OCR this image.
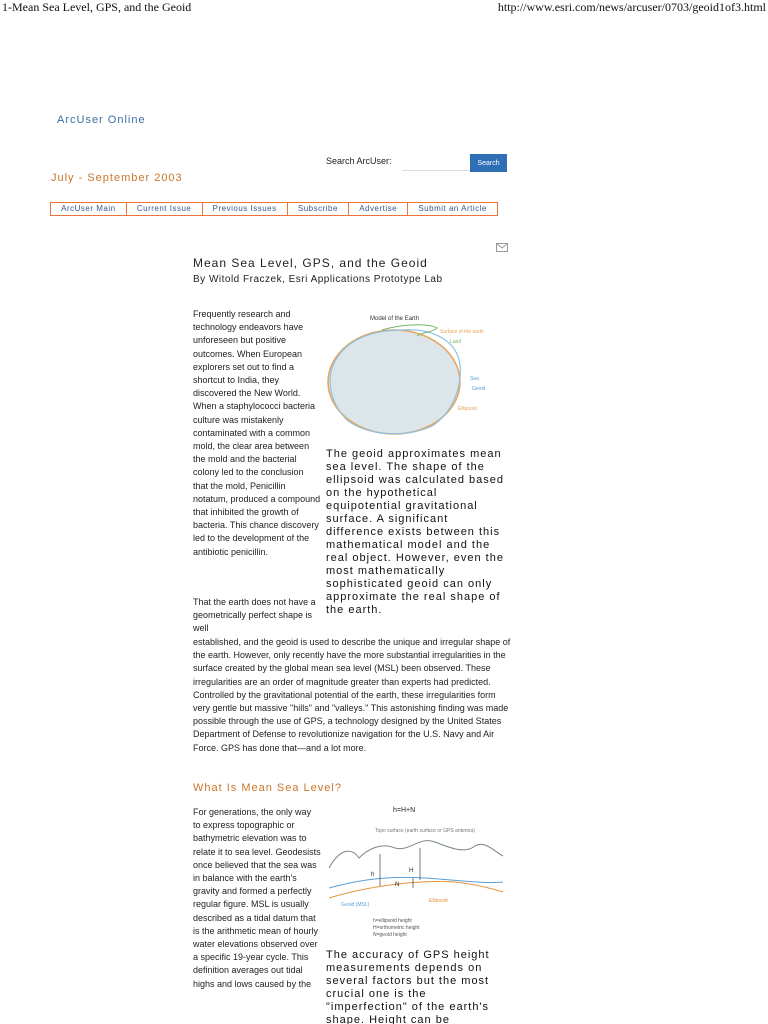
1-Mean Sea Level, GPS, and the Geoid	http://www.esri.com/news/arcuser/0703/geoid1of3.html
ArcUser Online
July - September 2003
Search ArcUser:	Search
ArcUser Main	Current Issue	Previous Issues	Subscribe	Advertise	Submit an Article
Mean Sea Level, GPS, and the Geoid
By Witold Fraczek, Esri Applications Prototype Lab
Frequently research and technology endeavors have unforeseen but positive outcomes. When European explorers set out to find a shortcut to India, they discovered the New World. When a staphylococci bacteria culture was mistakenly contaminated with a common mold, the clear area between the mold and the bacterial colony led to the conclusion that the mold, Penicillin notatum, produced a compound that inhibited the growth of bacteria. This chance discovery led to the development of the antibiotic penicillin.
Model of the Earth
Surface of the earth
Land
Sea
Geoid
Ellipsoid
The geoid approximates mean sea level. The shape of the ellipsoid was calculated based on the hypothetical equipotential gravitational surface. A significant difference exists between this mathematical model and the real object. However, even the most mathematically sophisticated geoid can only approximate the real shape of the earth.
That the earth does not have a geometrically perfect shape is well
established, and the geoid is used to describe the unique and irregular shape of the earth. However, only recently have the more substantial irregularities in the surface created by the global mean sea level (MSL) been observed. These irregularities are an order of magnitude greater than experts had predicted. Controlled by the gravitational potential of the earth, these irregularities form very gentle but massive "hills" and "valleys." This astonishing finding was made possible through the use of GPS, a technology designed by the United States Department of Defense to revolutionize navigation for the U.S. Navy and Air Force. GPS has done that—and a lot more.
What Is Mean Sea Level?
For generations, the only way to express topographic or bathymetric elevation was to relate it to sea level. Geodesists once believed that the sea was in balance with the earth's gravity and formed a perfectly regular figure. MSL is usually described as a tidal datum that is the arithmetic mean of hourly water elevations observed over a specific 19-year cycle. This definition averages out tidal highs and lows caused by the
h=H+N
Topo surface (earth surface or GPS antenna)
h
H
N
Geoid (MSL)
Ellipsoid
h=ellipsoid height
H=orthometric height
N=geoid height
The accuracy of GPS height measurements depends on several factors but the most crucial one is the "imperfection" of the earth's shape. Height can be
